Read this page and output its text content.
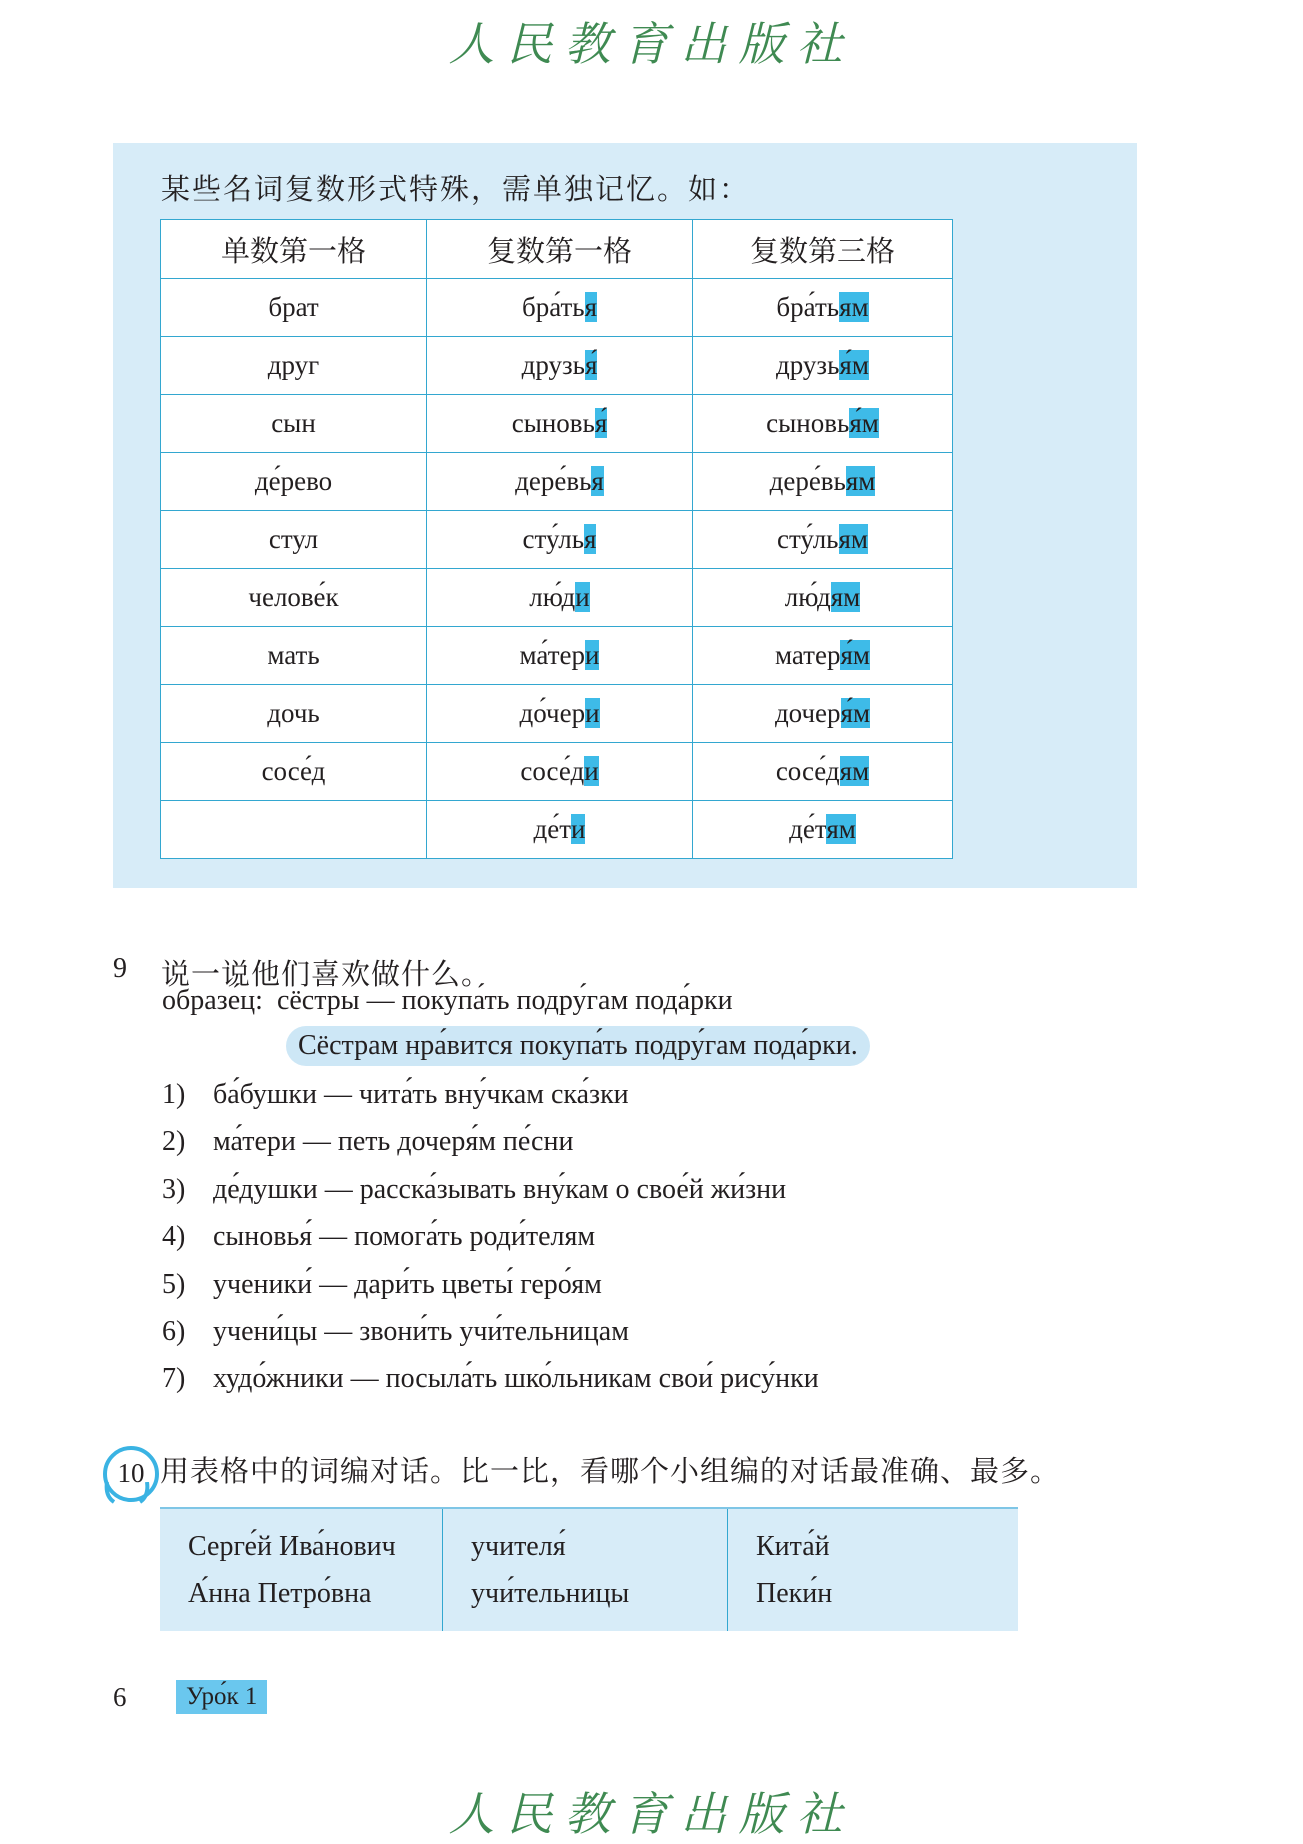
人民教育出版社
某些名词复数形式特殊，需单独记忆。如：
单数第一格	复数第一格	复数第三格
брат	бра́тья	бра́тьям
друг	друзья́	друзья́м
сын	сыновья́	сыновья́м
де́рево	дере́вья	дере́вьям
стул	сту́лья	сту́льям
челове́к	лю́ди	лю́дям
мать	ма́тери	матеря́м
дочь	до́чери	дочеря́м
сосе́д	сосе́ди	сосе́дям
	де́ти	де́тям
9 说一说他们喜欢做什么。
образе́ц: сёстры — покупа́ть подру́гам пода́рки
Сёстрам нра́вится покупа́ть подру́гам пода́рки.
1) ба́бушки — чита́ть вну́чкам ска́зки
2) ма́тери — петь дочеря́м пе́сни
3) де́душки — расска́зывать вну́кам о свое́й жи́зни
4) сыновья́ — помога́ть роди́телям
5) ученики́ — дари́ть цветы́ геро́ям
6) учени́цы — звони́ть учи́тельницам
7) худо́жники — посыла́ть шко́льникам свои́ рису́нки
10 用表格中的词编对话。比一比，看哪个小组编的对话最准确、最多。
Серге́й Ива́нович
А́нна Петро́вна

учителя́
учи́тельницы

Кита́й
Пеки́н
6	Уро́к 1
人民教育出版社
